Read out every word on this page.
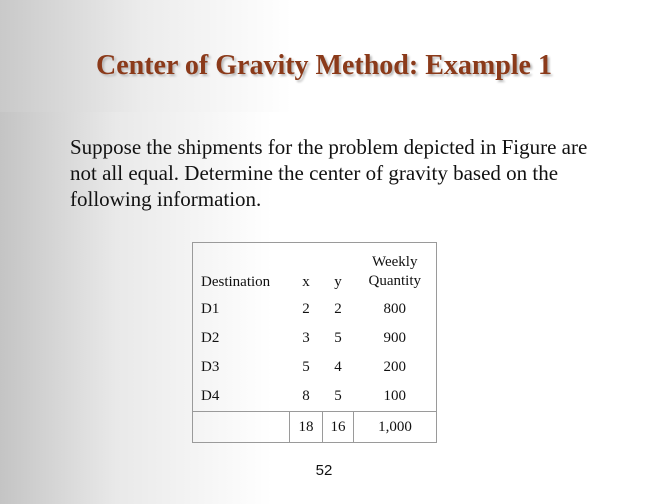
Center of Gravity Method: Example 1

Suppose the shipments for the problem depicted in Figure are not all equal. Determine the center of gravity based on the following information.

Destination	x	y	Weekly Quantity
D1	2	2	800
D2	3	5	900
D3	5	4	200
D4	8	5	100
	18	16	1,000
52
